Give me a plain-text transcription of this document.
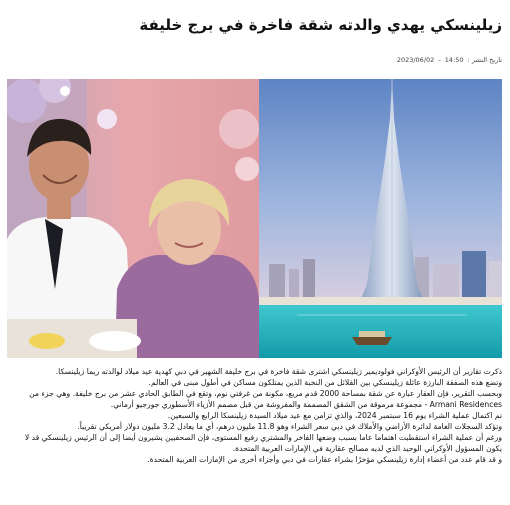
زيلينسكي يهدي والدته شقة فاخرة في برج خليفة
تاريخ النشر : 14:50 - 2023/06/02

ذكرت تقارير أن الرئيس الأوكراني فولوديمير زيلينسكي اشترى شقة فاخرة في برج خليفة الشهير في دبي كهدية عيد ميلاد لوالدته ريما زيلينسكا.

وتضع هذه الصفقة البارزة عائلة زيلينسكي بين القلائل من النخبة الذين يمتلكون مساكن في أطول مبنى في العالم.

وبحسب التقرير، فإن العقار عبارة عن شقة بمساحة 2000 قدم مربع، مكونة من غرفتي نوم، وتقع في الطابق الحادي عشر من برج خليفة. وهي جزء من

Armani Residences - مجموعة مرموقة من الشقق المصممة والمفروشة من قبل مصمم الأزياء الأسطوري جورجيو أرماني.

تم اكتمال عملية الشراء يوم 16 سبتمبر 2024، والذي تزامن مع عيد ميلاد السيدة زيلينسكا الرابع والسبعين.

وتؤكد السجلات العامة لدائرة الأراضي والأملاك في دبي سعر الشراء وهو 11.8 مليون درهم، أي ما يعادل 3.2 مليون دولار أمريكي تقريباً.

ورغم أن عملية الشراء استقطبت اهتماما عاما بسبب وضعها الفاخر والمشتري رفيع المستوى، فإن الصحفيين يشيرون أيضا إلى أن الرئيس زيلينسكي قد لا

يكون المسؤول الأوكراني الوحيد الذي لديه مصالح عقارية في الإمارات العربية المتحدة.

و قد قام عدد من أعضاء إدارة زيلينسكي مؤخرًا بشراء عقارات في دبي وأجزاء أخرى من الإمارات العربية المتحدة.
